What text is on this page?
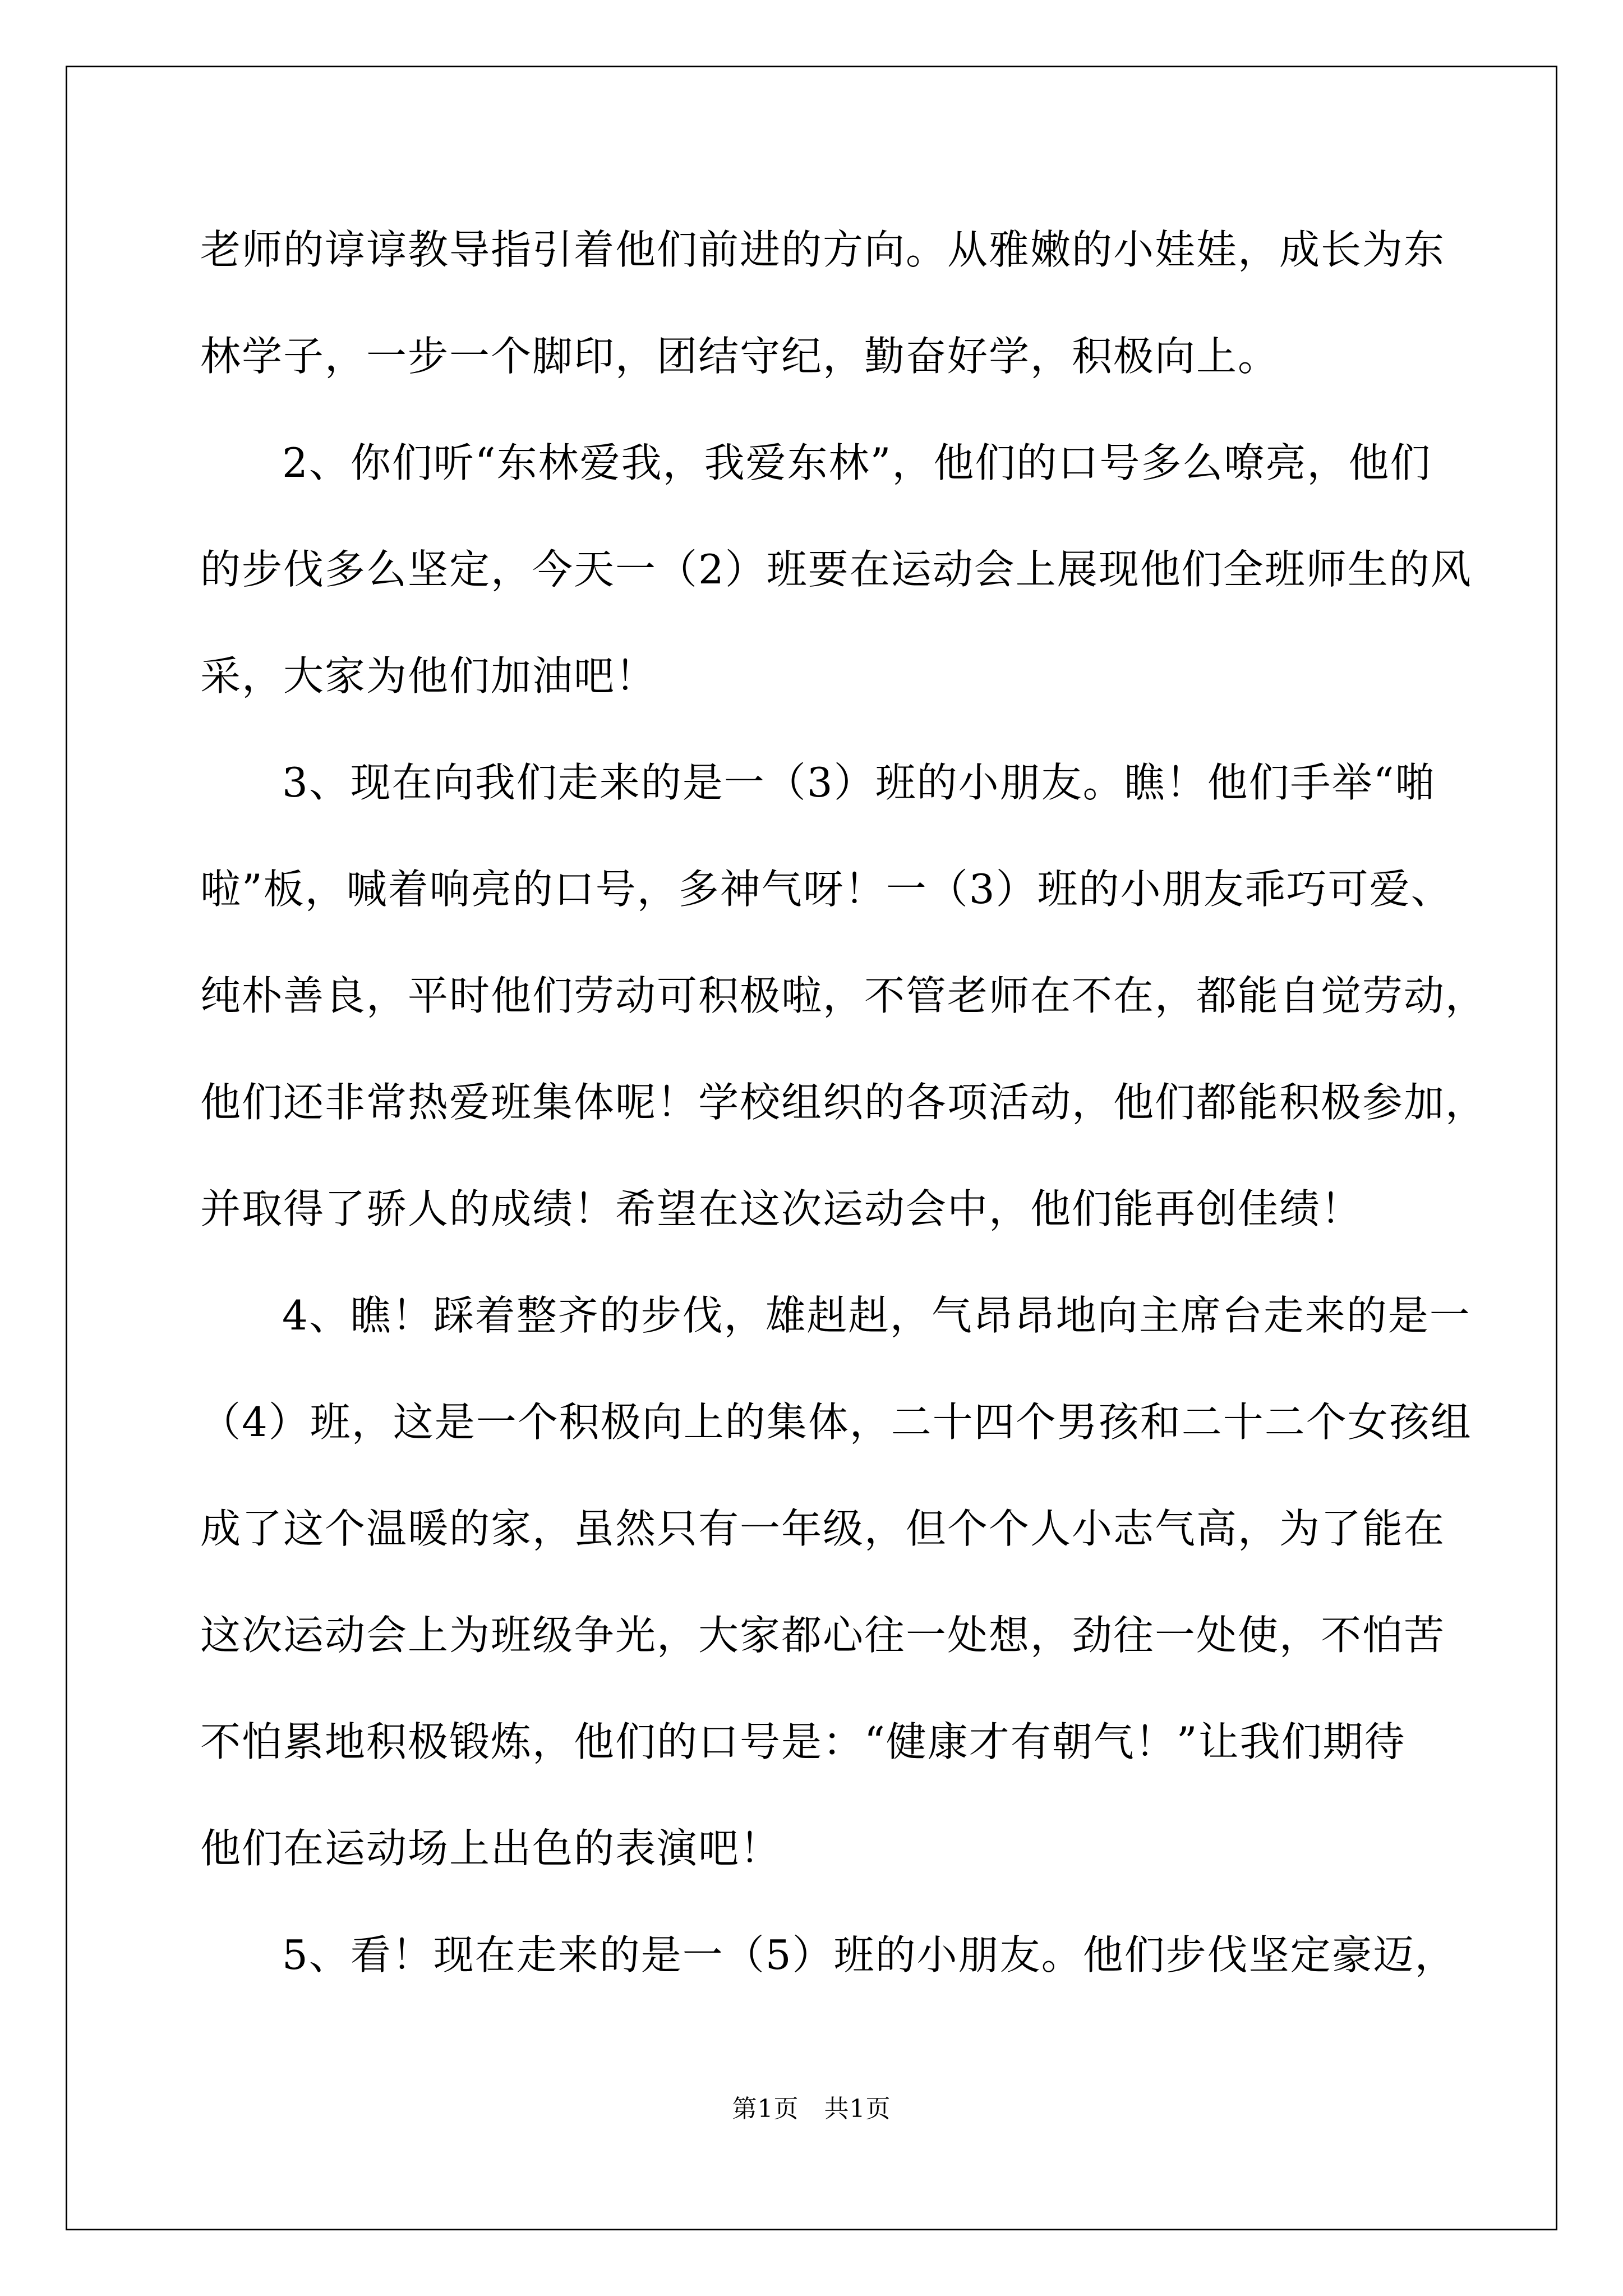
老师的谆谆教导指引着他们前进的方向。从雅嫩的小娃娃，成长为东
林学子，一步一个脚印，团结守纪，勤奋好学，积极向上。
2、你们听“东林爱我，我爱东林”，他们的口号多么嘹亮，他们
的步伐多么坚定，今天一（2）班要在运动会上展现他们全班师生的风
采，大家为他们加油吧！
3、现在向我们走来的是一（3）班的小朋友。瞧！他们手举“啪
啦”板，喊着响亮的口号，多神气呀！一（3）班的小朋友乖巧可爱、
纯朴善良，平时他们劳动可积极啦，不管老师在不在，都能自觉劳动，
他们还非常热爱班集体呢！学校组织的各项活动，他们都能积极参加，
并取得了骄人的成绩！希望在这次运动会中，他们能再创佳绩！
4、瞧！踩着整齐的步伐，雄赳赳，气昂昂地向主席台走来的是一
（4）班，这是一个积极向上的集体，二十四个男孩和二十二个女孩组
成了这个温暖的家，虽然只有一年级，但个个人小志气高，为了能在
这次运动会上为班级争光，大家都心往一处想，劲往一处使，不怕苦
不怕累地积极锻炼，他们的口号是：“健康才有朝气！”让我们期待
他们在运动场上出色的表演吧！
5、看！现在走来的是一（5）班的小朋友。他们步伐坚定豪迈，
第1页　共1页
